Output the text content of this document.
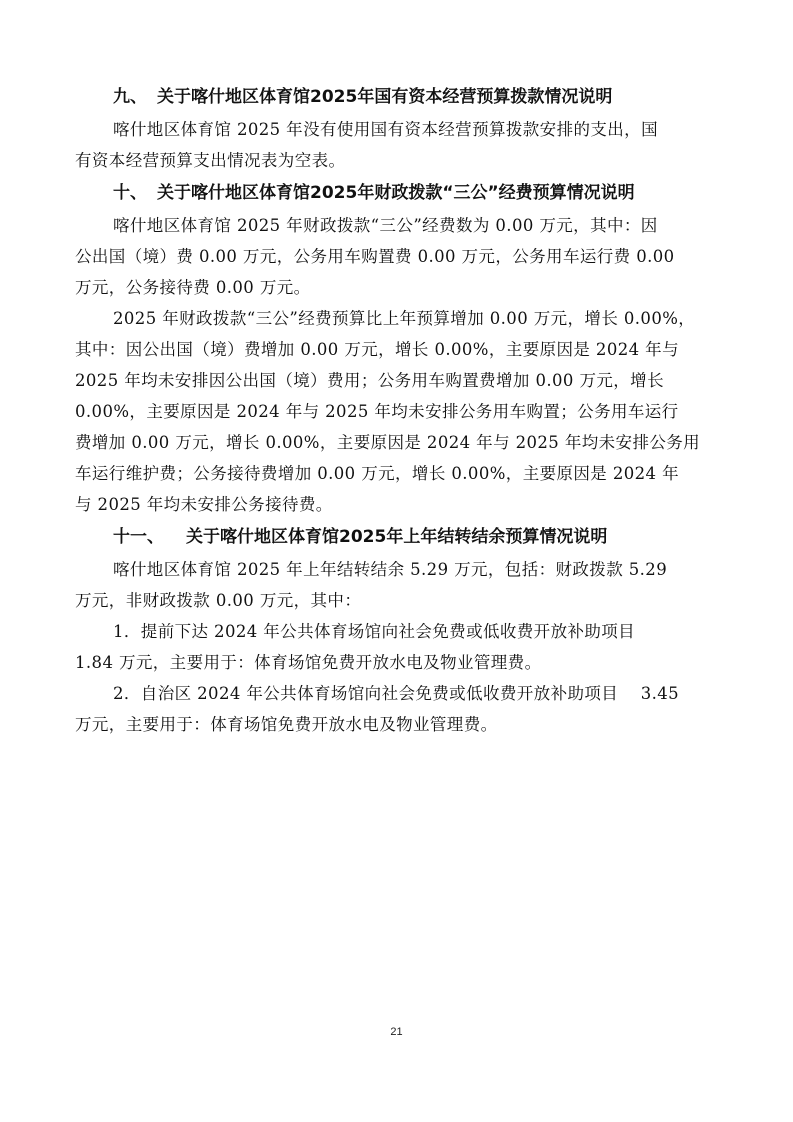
九、 关于喀什地区体育馆2025年国有资本经营预算拨款情况说明

喀什地区体育馆 2025 年没有使用国有资本经营预算拨款安排的支出，国
有资本经营预算支出情况表为空表。

十、 关于喀什地区体育馆2025年财政拨款“三公”经费预算情况说明

喀什地区体育馆 2025 年财政拨款“三公”经费数为 0.00 万元，其中：因
公出国（境）费 0.00 万元，公务用车购置费 0.00 万元，公务用车运行费 0.00
万元，公务接待费 0.00 万元。

2025 年财政拨款“三公”经费预算比上年预算增加 0.00 万元，增长 0.00%，
其中：因公出国（境）费增加 0.00 万元，增长 0.00%，主要原因是 2024 年与
2025 年均未安排因公出国（境）费用；公务用车购置费增加 0.00 万元，增长
0.00%，主要原因是 2024 年与 2025 年均未安排公务用车购置；公务用车运行
费增加 0.00 万元，增长 0.00%，主要原因是 2024 年与 2025 年均未安排公务用
车运行维护费；公务接待费增加 0.00 万元，增长 0.00%，主要原因是 2024 年
与 2025 年均未安排公务接待费。

十一、 关于喀什地区体育馆2025年上年结转结余预算情况说明

喀什地区体育馆 2025 年上年结转结余 5.29 万元，包括：财政拨款 5.29
万元，非财政拨款 0.00 万元，其中：

1．提前下达 2024 年公共体育场馆向社会免费或低收费开放补助项目
1.84 万元，主要用于：体育场馆免费开放水电及物业管理费。

2．自治区 2024 年公共体育场馆向社会免费或低收费开放补助项目　 3.45
万元，主要用于：体育场馆免费开放水电及物业管理费。

21
